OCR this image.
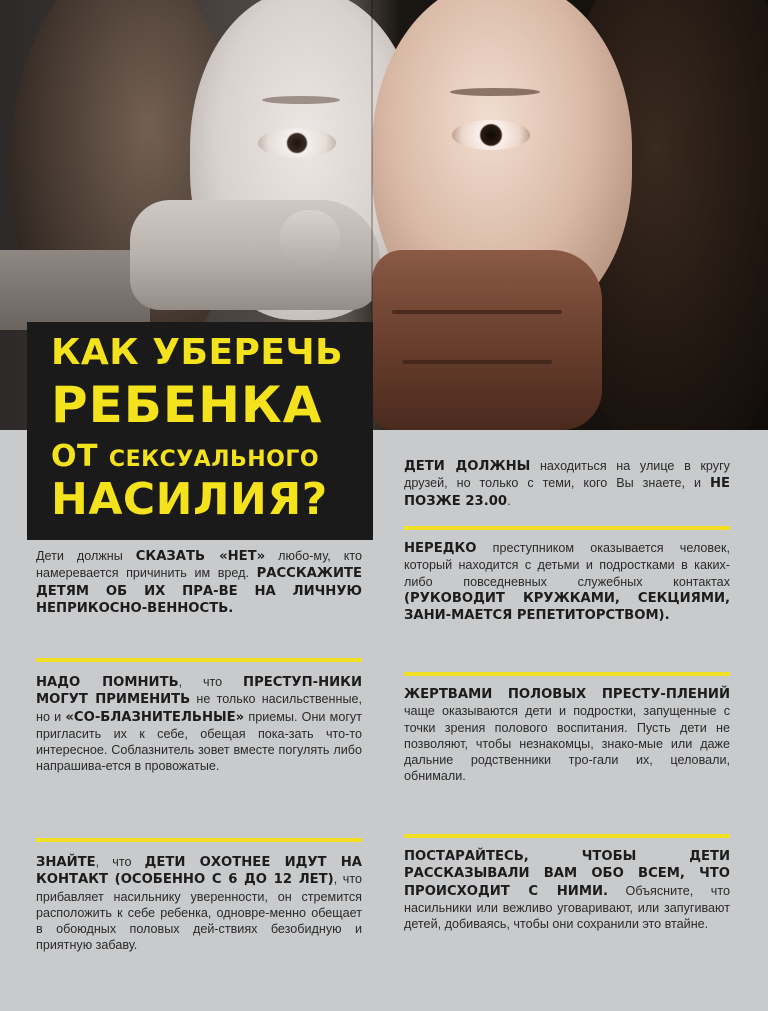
КАК УБЕРЕЧЬ
РЕБЕНКА
ОТ СЕКСУАЛЬНОГО
НАСИЛИЯ?
Дети должны СКАЗАТЬ «НЕТ» любо-му, кто намеревается причинить им вред. РАССКАЖИТЕ ДЕТЯМ ОБ ИХ ПРА-ВЕ НА ЛИЧНУЮ НЕПРИКОСНО-ВЕННОСТЬ.
НАДО ПОМНИТЬ, что ПРЕСТУП-НИКИ МОГУТ ПРИМЕНИТЬ не только насильственные, но и «СО-БЛАЗНИТЕЛЬНЫЕ» приемы. Они могут пригласить их к себе, обещая пока-зать что-то интересное. Соблазнитель зовет вместе погулять либо напрашива-ется в провожатые.
ЗНАЙТЕ, что ДЕТИ ОХОТНЕЕ ИДУТ НА КОНТАКТ (ОСОБЕННО С 6 ДО 12 ЛЕТ), что прибавляет насильнику уверенности, он стремится расположить к себе ребенка, одновре-менно обещает в обоюдных половых дей-ствиях безобидную и приятную забаву.
ДЕТИ ДОЛЖНЫ находиться на улице в кругу друзей, но только с теми, кого Вы знаете, и НЕ ПОЗЖЕ 23.00.
НЕРЕДКО преступником оказывается человек, который находится с детьми и подростками в каких-либо повседневных служебных контактах (РУКОВОДИТ КРУЖКАМИ, СЕКЦИЯМИ, ЗАНИ-МАЕТСЯ РЕПЕТИТОРСТВОМ).
ЖЕРТВАМИ ПОЛОВЫХ ПРЕСТУ-ПЛЕНИЙ чаще оказываются дети и подростки, запущенные с точки зрения полового воспитания. Пусть дети не позволяют, чтобы незнакомцы, знако-мые или даже дальние родственники тро-гали их, целовали, обнимали.
ПОСТАРАЙТЕСЬ, ЧТОБЫ ДЕТИ РАССКАЗЫВАЛИ ВАМ ОБО ВСЕМ, ЧТО ПРОИСХОДИТ С НИМИ. Объясните, что насильники или вежливо уговаривают, или запугивают детей, добиваясь, чтобы они сохранили это втайне.
